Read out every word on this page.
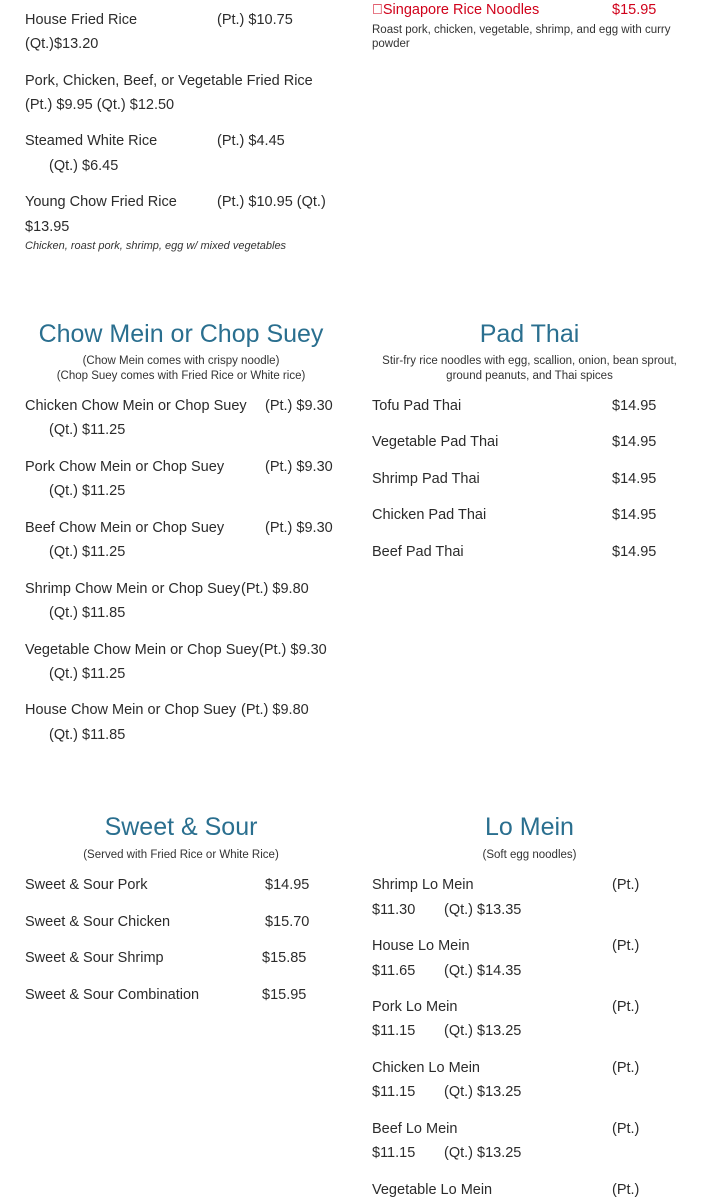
House Fried Rice	(Pt.) $10.75
(Qt.)$13.20
Pork, Chicken, Beef, or Vegetable Fried Rice
(Pt.) $9.95 (Qt.) $12.50
Steamed White Rice	(Pt.) $4.45
(Qt.) $6.45
Young Chow Fried Rice	(Pt.) $10.95 (Qt.)
$13.95
Chicken, roast pork, shrimp, egg w/ mixed vegetables
Singapore Rice Noodles	$15.95
Roast pork, chicken, vegetable, shrimp, and egg with curry
powder
Chow Mein or Chop Suey
(Chow Mein comes with crispy noodle)
(Chop Suey comes with Fried Rice or White rice)
Chicken Chow Mein or Chop Suey (Pt.) $9.30
(Qt.) $11.25
Pork Chow Mein or Chop Suey	(Pt.) $9.30
(Qt.) $11.25
Beef Chow Mein or Chop Suey	(Pt.) $9.30
(Qt.) $11.25
Shrimp Chow Mein or Chop Suey (Pt.) $9.80
(Qt.) $11.85
Vegetable Chow Mein or Chop Suey (Pt.) $9.30
(Qt.) $11.25
House Chow Mein or Chop Suey (Pt.) $9.80
(Qt.) $11.85
Pad Thai
Stir-fry rice noodles with egg, scallion, onion, bean sprout,
ground peanuts, and Thai spices
Tofu Pad Thai	$14.95
Vegetable Pad Thai	$14.95
Shrimp Pad Thai	$14.95
Chicken Pad Thai	$14.95
Beef Pad Thai	$14.95
Sweet & Sour
(Served with Fried Rice or White Rice)
Sweet & Sour Pork	$14.95
Sweet & Sour Chicken	$15.70
Sweet & Sour Shrimp	$15.85
Sweet & Sour Combination	$15.95
Lo Mein
(Soft egg noodles)
Shrimp Lo Mein	(Pt.)
$11.30 (Qt.) $13.35
House Lo Mein	(Pt.)
$11.65 (Qt.) $14.35
Pork Lo Mein	(Pt.)
$11.15 (Qt.) $13.25
Chicken Lo Mein	(Pt.)
$11.15 (Qt.) $13.25
Beef Lo Mein	(Pt.)
$11.15 (Qt.) $13.25
Vegetable Lo Mein	(Pt.)
